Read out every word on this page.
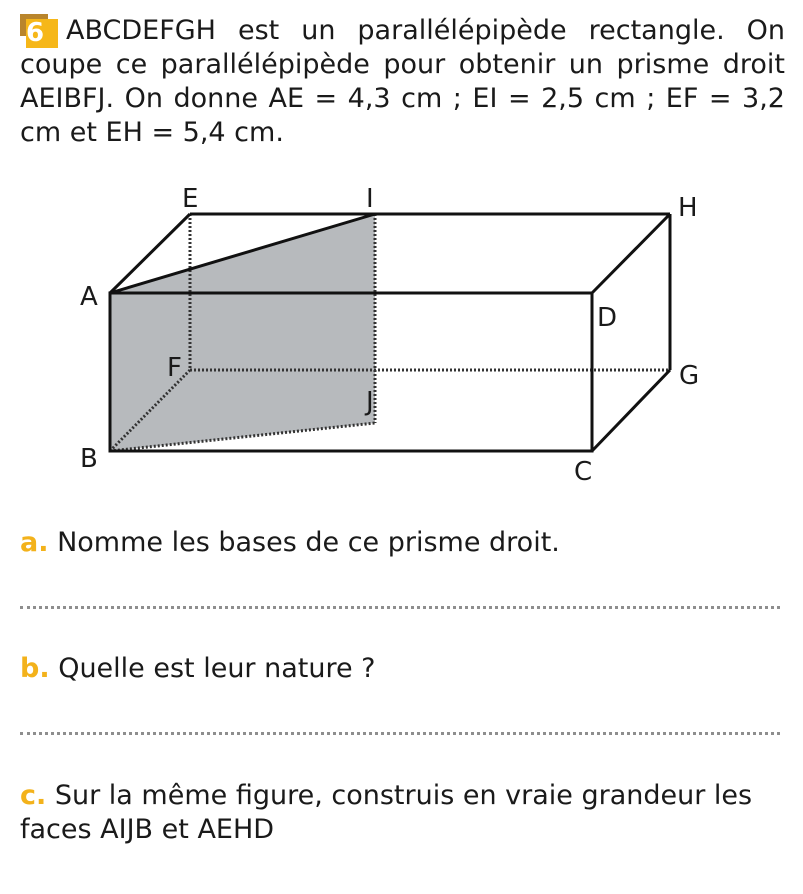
6 ABCDEFGH est un parallélépipède rectangle. On coupe ce parallélépipède pour obtenir un prisme droit AEIBFJ. On donne AE = 4,3 cm ; EI = 2,5 cm ; EF = 3,2 cm et EH = 5,4 cm.
E	I	H
A
D
F	G
J
B	C
a. Nomme les bases de ce prisme droit.
b. Quelle est leur nature ?
c. Sur la même figure, construis en vraie grandeur les faces AIJB et AEHD
